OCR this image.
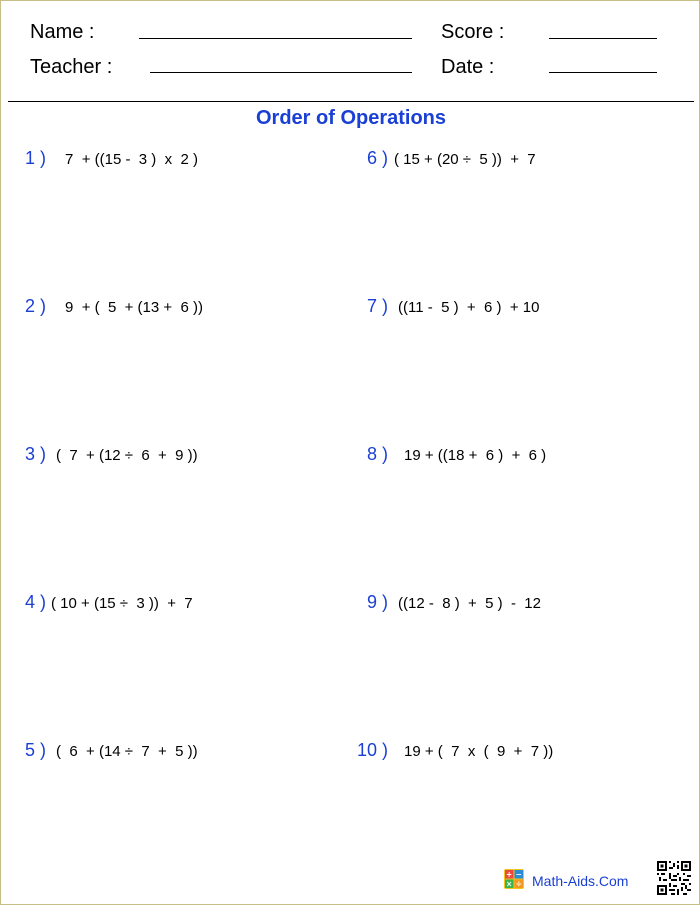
Name :
Teacher :
Score :
Date :
Order of Operations
1 ) 7  + ((15 -  3 )  x  2 )
2 ) 9  + (  5  + (13 +  6 ))
3 ) (  7  + (12 ÷  6  +  9 ))
4 ) ( 10 + (15 ÷  3 ))  +  7
5 ) (  6  + (14 ÷  7  +  5 ))
6 ) ( 15 + (20 ÷  5 ))  +  7
7 ) ((11 -  5 )  +  6 )  + 10
8 ) 19 + ((18 +  6 )  +  6 )
9 ) ((12 -  8 )  +  5 )  -  12
10 ) 19 + (  7  x  (  9  +  7 ))
+ −
× ÷ Math-Aids.Com
